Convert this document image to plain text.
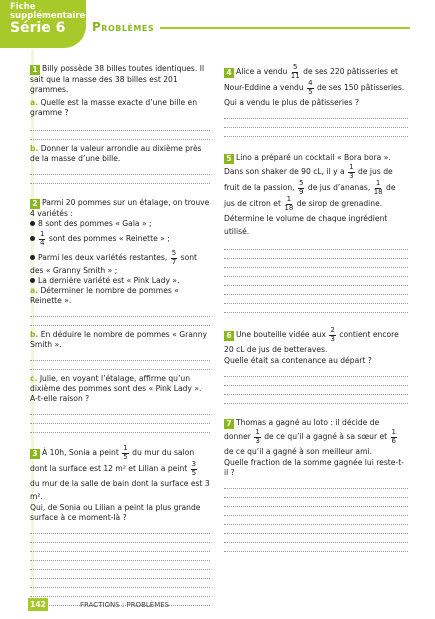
Fiche
supplémentaire
Série 6	Problèmes
1 Billy possède 38 billes toutes identiques. Il sait que la masse des 38 billes est 201 grammes.
a. Quelle est la masse exacte d’une bille en gramme ?
b. Donner la valeur arrondie au dixième près de la masse d’une bille.
2 Parmi 20 pommes sur un étalage, on trouve 4 variétés :
8 sont des pommes « Gala » ;
$\frac{1}{4}$ sont des pommes « Reinette » ;
Parmi les deux variétés restantes, $\frac{5}{7}$ sont des « Granny Smith » ;
La dernière variété est « Pink Lady ».
a. Déterminer le nombre de pommes « Reinette ».
b. En déduire le nombre de pommes « Granny Smith ».
c. Julie, en voyant l’étalage, affirme qu’un dixième des pommes sont des « Pink Lady ». A-t-elle raison ?
3 À 10h, Sonia a peint $\frac{1}{5}$ du mur du salon dont la surface est 12 m² et Lilian a peint $\frac{3}{5}$
du mur de la salle de bain dont la surface est 3 m².
Qui, de Sonia ou Lilian a peint la plus grande surface à ce moment-là ?
4 Alice a vendu $\frac{5}{11}$ de ses 220 pâtisseries et Nour-Eddine a vendu $\frac{4}{5}$ de ses 150 pâtisseries.
Qui a vendu le plus de pâtisseries ?
5 Lino a préparé un cocktail « Bora bora ». Dans son shaker de 90 cL, il y a $\frac{1}{3}$ de jus de fruit de la passion, $\frac{5}{9}$ de jus d’ananas, $\frac{1}{18}$ de jus de citron et $\frac{1}{18}$ de sirop de grenadine. Détermine le volume de chaque ingrédient utilisé.
6 Une bouteille vidée aux $\frac{2}{3}$ contient encore 20 cL de jus de betteraves.
Quelle était sa contenance au départ ?
7 Thomas a gagné au loto : il décide de donner $\frac{1}{3}$ de ce qu’il a gagné à sa sœur et $\frac{1}{6}$
de ce qu’il a gagné à son meilleur ami.
Quelle fraction de la somme gagnée lui reste-t-il ?
142	FRACTIONS : PROBLÈMES
